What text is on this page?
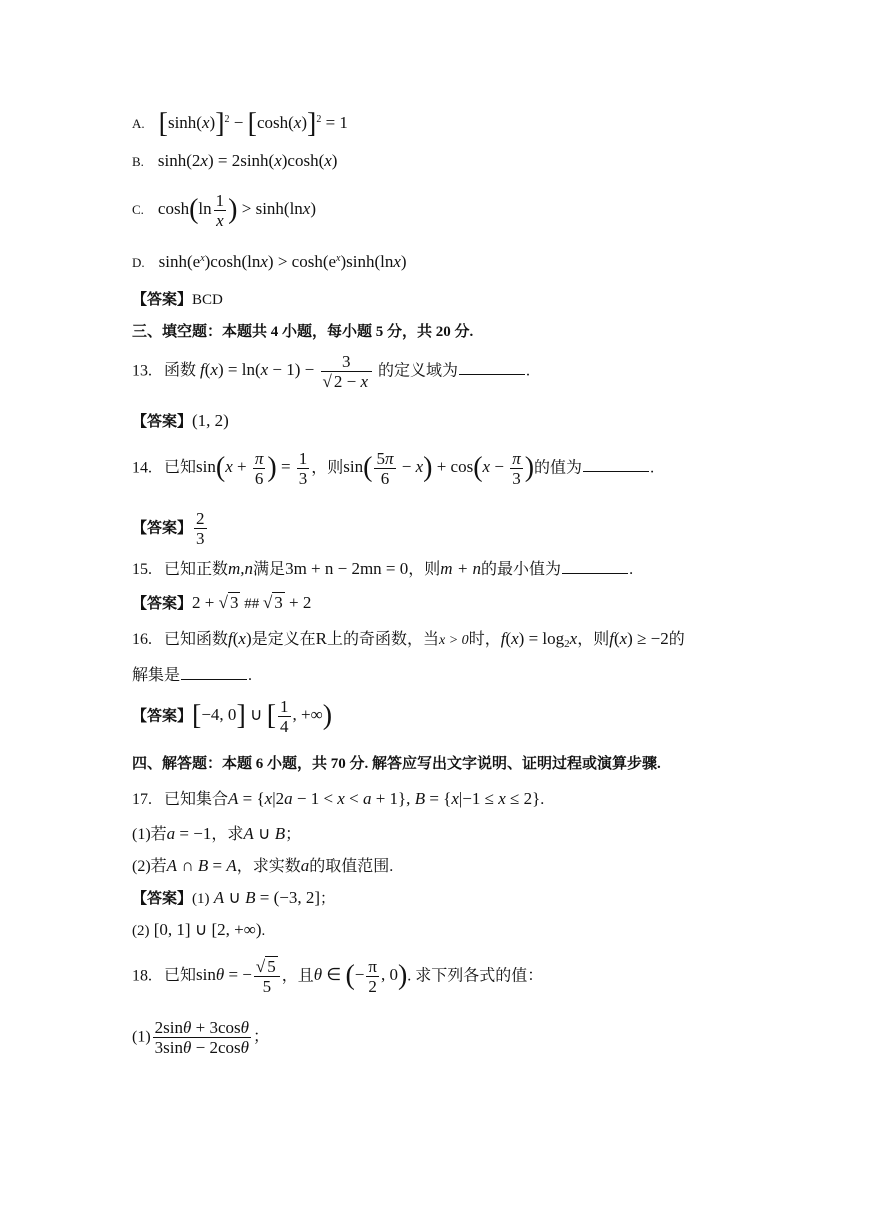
A. $[\sinh(x)]^2 - [\cosh(x)]^2 = 1$
B. sinh(2x) = 2sinh(x)cosh(x)
C. $\cosh(\ln \frac{1}{x}$ ) > sinh(lnx)
D. $\sinh(e^x)\cosh(\ln x) > \cosh(e^x)\sinh(\ln x)$
【答案】BCD
三、填空题：本题共 4 小题，每小题 5 分，共 20 分.
13. 函数 $f(x) = \ln(x - 1) - \frac{3}{√ 2 - x}$ 的定义域为	.
【答案】(1, 2)
14. 已知$\sin(x + \frac{\pi}{6}$ ) = $\frac{1}{3}$ ，则$\sin( \frac{5\pi}{6} - x) + \cos(x - \frac{\pi}{3}$ )的值为	.
【答案】 $\frac{2}{3}$
15. 已知正数m,n满足3m + n − 2mn = 0，则m + n的最小值为	.
【答案】2 + √ 3 ## √ 3 + 2
16. 已知函数f(x)是定义在R上的奇函数，当x > 0时，$f(x) = \log_2x$，则f(x) ≥ −2的
解集是	.
【答案】[−4, 0] ∪ [ $\frac{1}{4}$ , +∞)
四、解答题：本题 6 小题，共 70 分. 解答应写出文字说明、证明过程或演算步骤.
17. 已知集合A = {x|2a − 1 < x < a + 1}, B = {x|−1 ≤ x ≤ 2}.
(1)若a = −1，求A ∪ B；
(2)若A ∩ B = A，求实数a的取值范围.
【答案】(1) A ∪ B = (−3, 2]；
(2) [0, 1] ∪ [2, +∞).
18. 已知sinθ = − $\frac{√ 5}{5}$ ，且θ ∈ (− $\frac{\pi}{2}$ , 0). 求下列各式的值：
$(1) \frac{2\sin\theta + 3\cos\theta}{3\sin\theta - 2\cos\theta}$ ；
